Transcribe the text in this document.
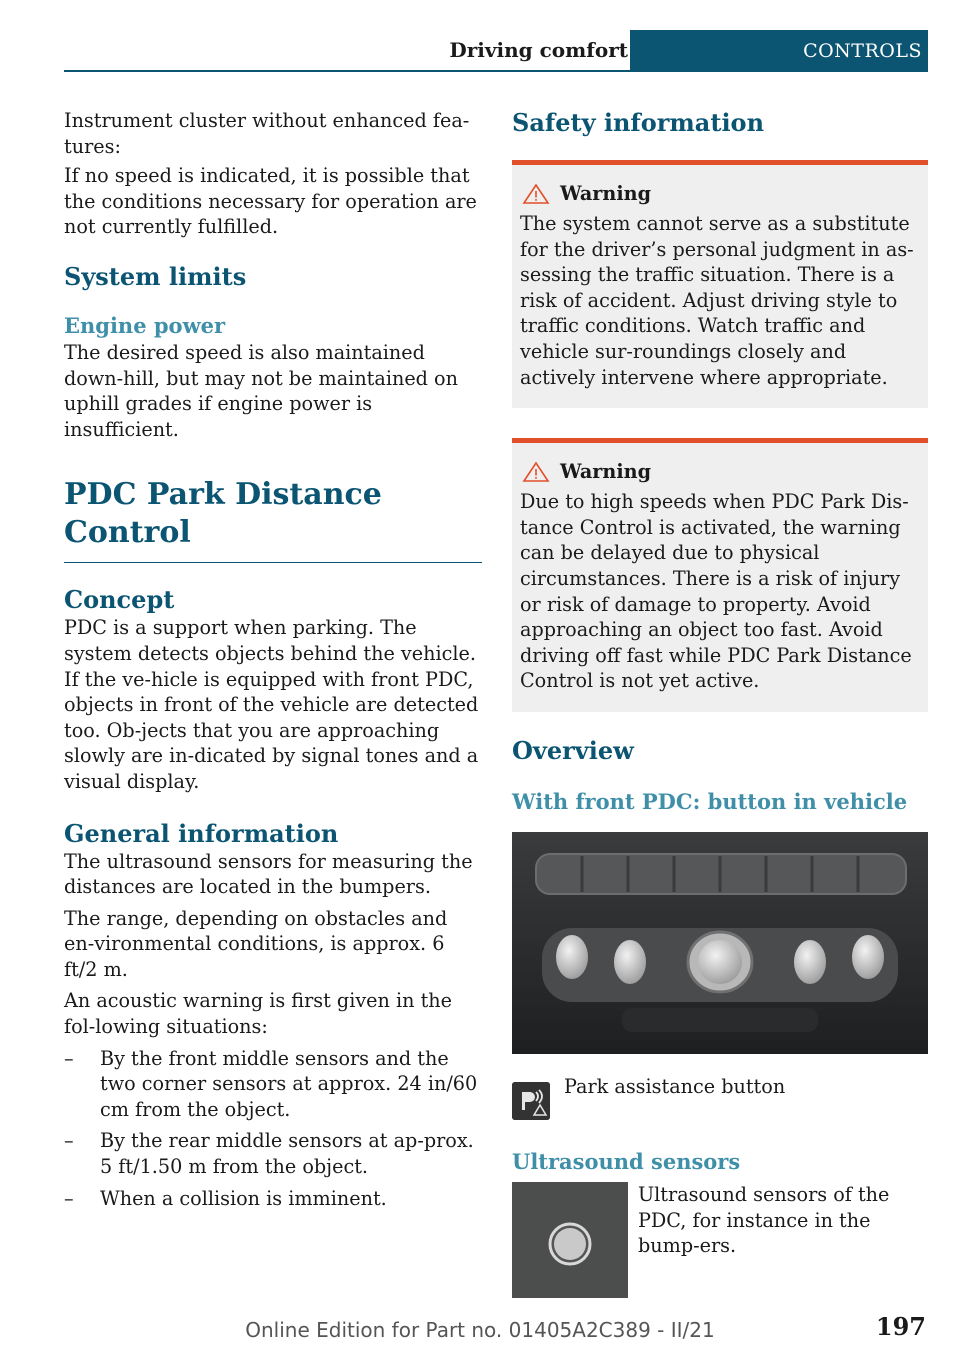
Driving comfort	CONTROLS

Instrument cluster without enhanced fea-tures:

If no speed is indicated, it is possible that the conditions necessary for operation are not currently fulfilled.

System limits
Engine power

The desired speed is also maintained down-hill, but may not be maintained on uphill grades if engine power is insufficient.

PDC Park Distance Control
Concept

PDC is a support when parking. The system detects objects behind the vehicle. If the ve-hicle is equipped with front PDC, objects in front of the vehicle are detected too. Ob-jects that you are approaching slowly are in-dicated by signal tones and a visual display.

General information

The ultrasound sensors for measuring the distances are located in the bumpers.

The range, depending on obstacles and en-vironmental conditions, is approx. 6 ft/2 m.

An acoustic warning is first given in the fol-lowing situations:

– By the front middle sensors and the two corner sensors at approx. 24 in/60 cm from the object.
– By the rear middle sensors at ap-prox. 5 ft/1.50 m from the object.
– When a collision is imminent.
Safety information
Warning

The system cannot serve as a substitute for the driver’s personal judgment in as-sessing the traffic situation. There is a risk of accident. Adjust driving style to traffic conditions. Watch traffic and vehicle sur-roundings closely and actively intervene where appropriate.

Warning

Due to high speeds when PDC Park Dis-tance Control is activated, the warning can be delayed due to physical circumstances. There is a risk of injury or risk of damage to property. Avoid approaching an object too fast. Avoid driving off fast while PDC Park Distance Control is not yet active.

Overview
With front PDC: button in vehicle

Park assistance button

Ultrasound sensors

Ultrasound sensors of the PDC, for instance in the bump-ers.

Online Edition for Part no. 01405A2C389 - II/21	197
